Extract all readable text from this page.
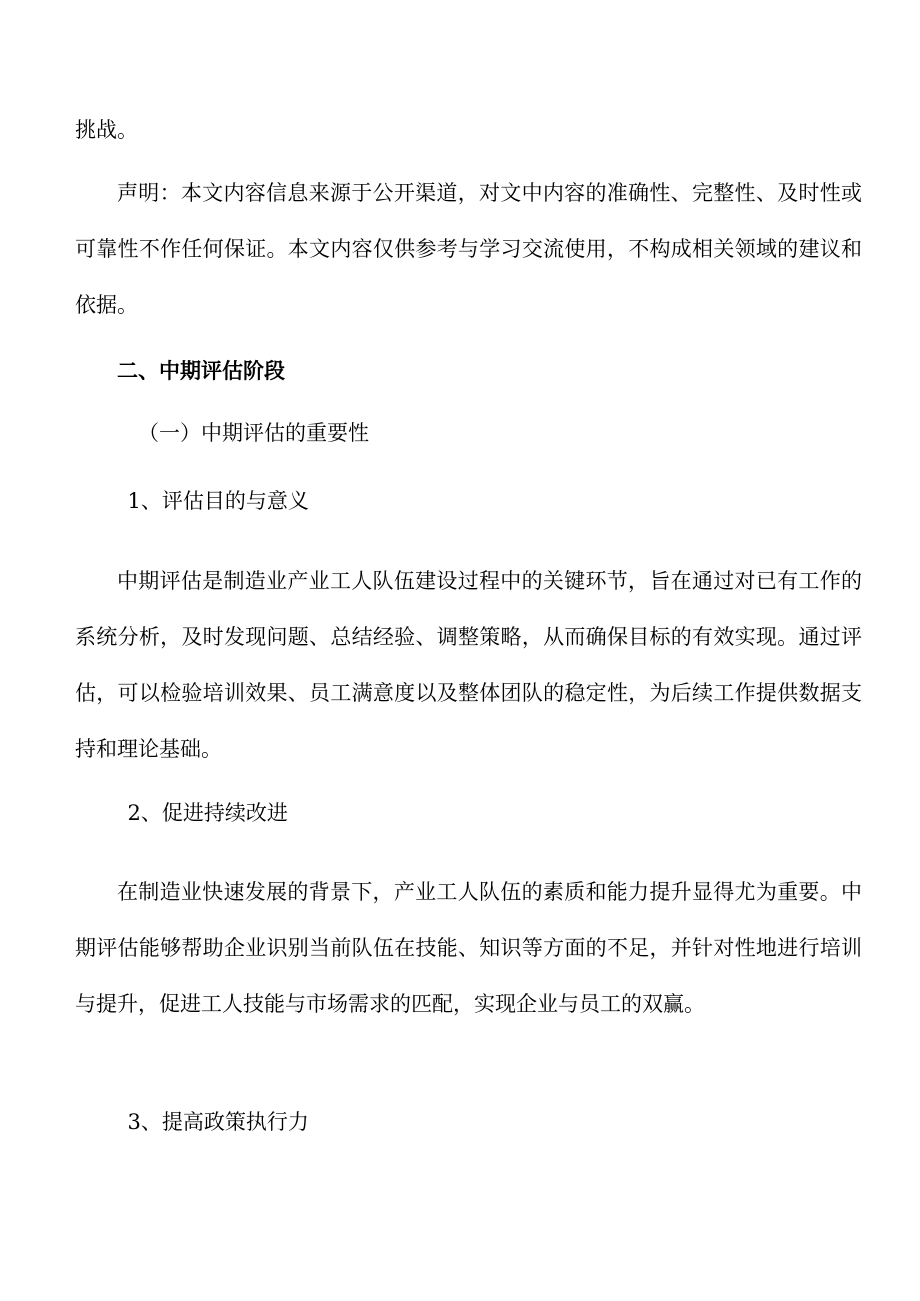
挑战。
声明：本文内容信息来源于公开渠道，对文中内容的准确性、完整性、及时性或可靠性不作任何保证。本文内容仅供参考与学习交流使用，不构成相关领域的建议和依据。
二、中期评估阶段
（一）中期评估的重要性
1、评估目的与意义
中期评估是制造业产业工人队伍建设过程中的关键环节，旨在通过对已有工作的系统分析，及时发现问题、总结经验、调整策略，从而确保目标的有效实现。通过评估，可以检验培训效果、员工满意度以及整体团队的稳定性，为后续工作提供数据支持和理论基础。
2、促进持续改进
在制造业快速发展的背景下，产业工人队伍的素质和能力提升显得尤为重要。中期评估能够帮助企业识别当前队伍在技能、知识等方面的不足，并针对性地进行培训与提升，促进工人技能与市场需求的匹配，实现企业与员工的双赢。
3、提高政策执行力
